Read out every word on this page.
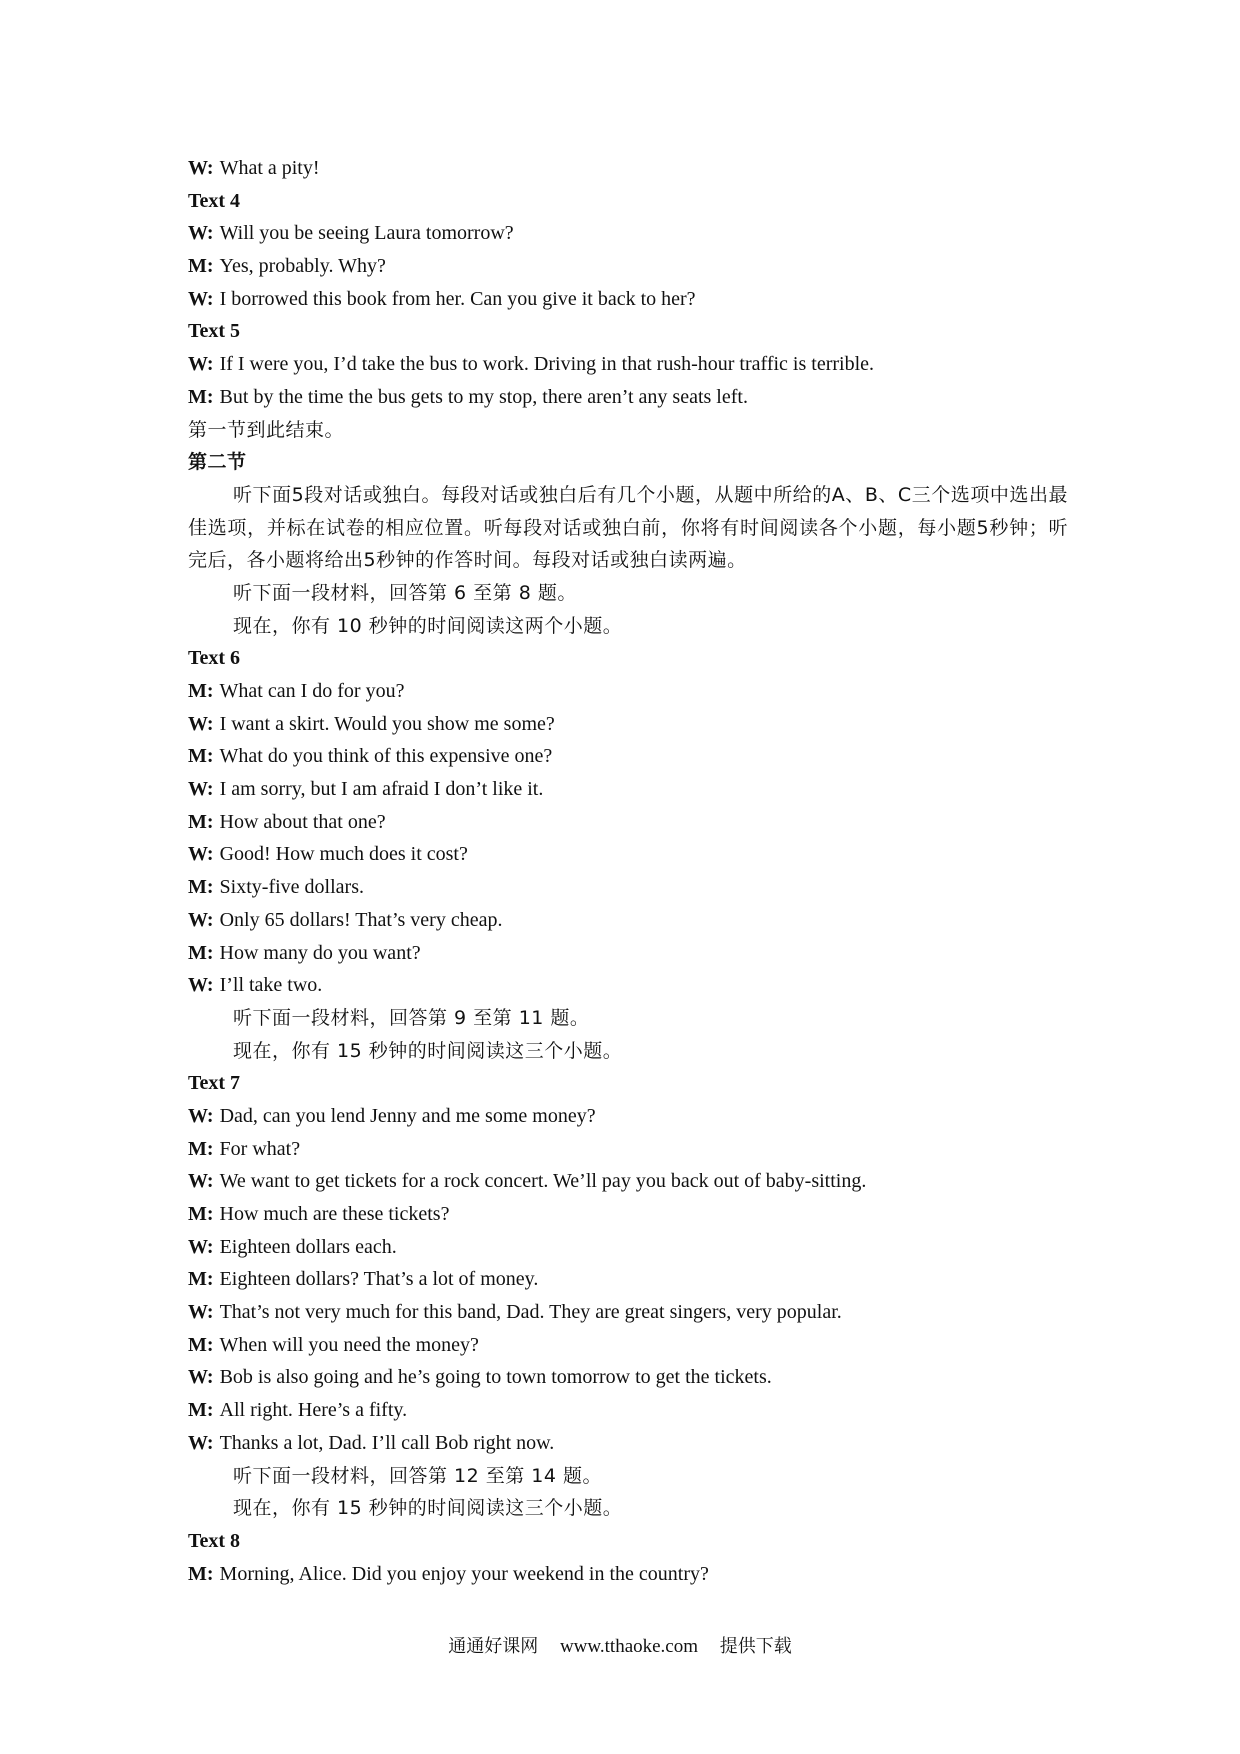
W: What a pity!
Text 4
W: Will you be seeing Laura tomorrow?
M: Yes, probably. Why?
W: I borrowed this book from her. Can you give it back to her?
Text 5
W: If I were you, I’d take the bus to work. Driving in that rush-hour traffic is terrible.
M: But by the time the bus gets to my stop, there aren’t any seats left.
第一节到此结束。
第二节
听下面5段对话或独白。每段对话或独白后有几个小题，从题中所给的A、B、C三个选项中选出最佳选项，并标在试卷的相应位置。听每段对话或独白前，你将有时间阅读各个小题，每小题5秒钟；听完后，各小题将给出5秒钟的作答时间。每段对话或独白读两遍。
听下面一段材料，回答第 6 至第 8 题。
现在，你有 10 秒钟的时间阅读这两个小题。
Text 6
M: What can I do for you?
W: I want a skirt. Would you show me some?
M: What do you think of this expensive one?
W: I am sorry, but I am afraid I don’t like it.
M: How about that one?
W: Good! How much does it cost?
M: Sixty-five dollars.
W: Only 65 dollars! That’s very cheap.
M: How many do you want?
W: I’ll take two.
听下面一段材料，回答第 9 至第 11 题。
现在，你有 15 秒钟的时间阅读这三个小题。
Text 7
W: Dad, can you lend Jenny and me some money?
M: For what?
W: We want to get tickets for a rock concert. We’ll pay you back out of baby-sitting.
M: How much are these tickets?
W: Eighteen dollars each.
M: Eighteen dollars? That’s a lot of money.
W: That’s not very much for this band, Dad. They are great singers, very popular.
M: When will you need the money?
W: Bob is also going and he’s going to town tomorrow to get the tickets.
M: All right. Here’s a fifty.
W: Thanks a lot, Dad. I’ll call Bob right now.
听下面一段材料，回答第 12 至第 14 题。
现在，你有 15 秒钟的时间阅读这三个小题。
Text 8
M: Morning, Alice. Did you enjoy your weekend in the country?
通通好课网 www.tthaoke.com 提供下载
